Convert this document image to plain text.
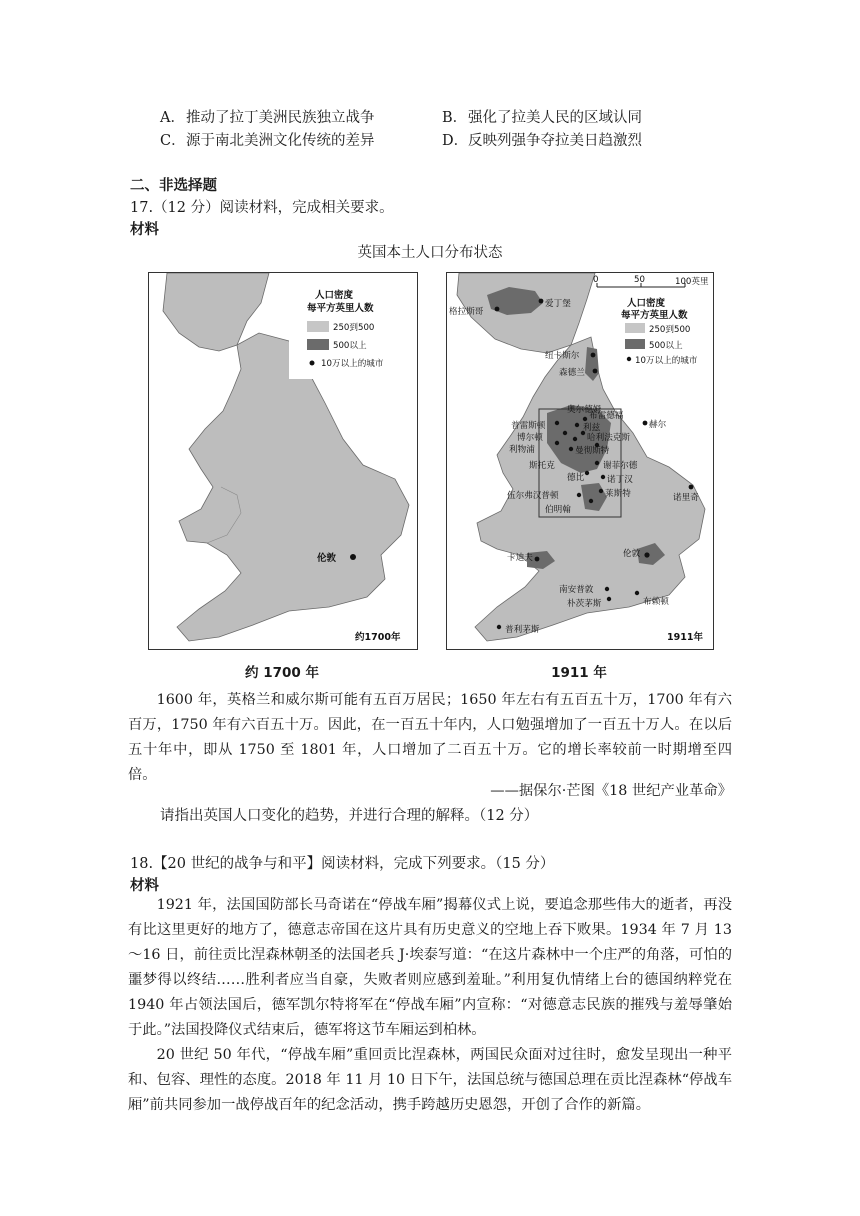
A．推动了拉丁美洲民族独立战争	B．强化了拉美人民的区域认同
C．源于南北美洲文化传统的差异	D．反映列强争夺拉美日趋激烈
二、非选择题
17.（12 分）阅读材料，完成相关要求。
材料
英国本土人口分布状态
人口密度
每平方英里人数
250到500
500以上
10万以上的城市
伦敦
约1700年
0	50	100英里
人口密度
每平方英里人数
250到500
500以上
10万以上的城市
格拉斯哥
爱丁堡
纽卡斯尔
森德兰
布雷德福
赫尔
普雷斯顿	利兹
博尔顿	哈利法克斯
利物浦	曼彻斯特
斯托克	谢菲尔德
德比	诺丁汉
莱斯特
伍尔弗汉普顿
伯明翰
诺里奇
卡迪夫	伦敦
南安普敦
布赖顿
朴茨茅斯
普利茅斯
奥尔德姆
1911年
约 1700 年	1911 年

1600 年，英格兰和威尔斯可能有五百万居民；1650 年左右有五百五十万，1700 年有六百万，1750 年有六百五十万。因此，在一百五十年内，人口勉强增加了一百五十万人。在以后五十年中，即从 1750 至 1801 年，人口增加了二百五十万。它的增长率较前一时期增至四倍。

——据保尔·芒图《18 世纪产业革命》
请指出英国人口变化的趋势，并进行合理的解释。（12 分）
18.【20 世纪的战争与和平】阅读材料，完成下列要求。（15 分）
材料

1921 年，法国国防部长马奇诺在“停战车厢”揭幕仪式上说，要追念那些伟大的逝者，再没有比这里更好的地方了，德意志帝国在这片具有历史意义的空地上吞下败果。1934 年 7 月 13～16 日，前往贡比涅森林朝圣的法国老兵 J·埃泰写道：“在这片森林中一个庄严的角落，可怕的噩梦得以终结……胜利者应当自豪，失败者则应感到羞耻。”利用复仇情绪上台的德国纳粹党在 1940 年占领法国后，德军凯尔特将军在“停战车厢”内宣称：“对德意志民族的摧残与羞辱肇始于此。”法国投降仪式结束后，德军将这节车厢运到柏林。

20 世纪 50 年代，“停战车厢”重回贡比涅森林，两国民众面对过往时，愈发呈现出一种平和、包容、理性的态度。2018 年 11 月 10 日下午，法国总统与德国总理在贡比涅森林“停战车厢”前共同参加一战停战百年的纪念活动，携手跨越历史恩怨，开创了合作的新篇。
